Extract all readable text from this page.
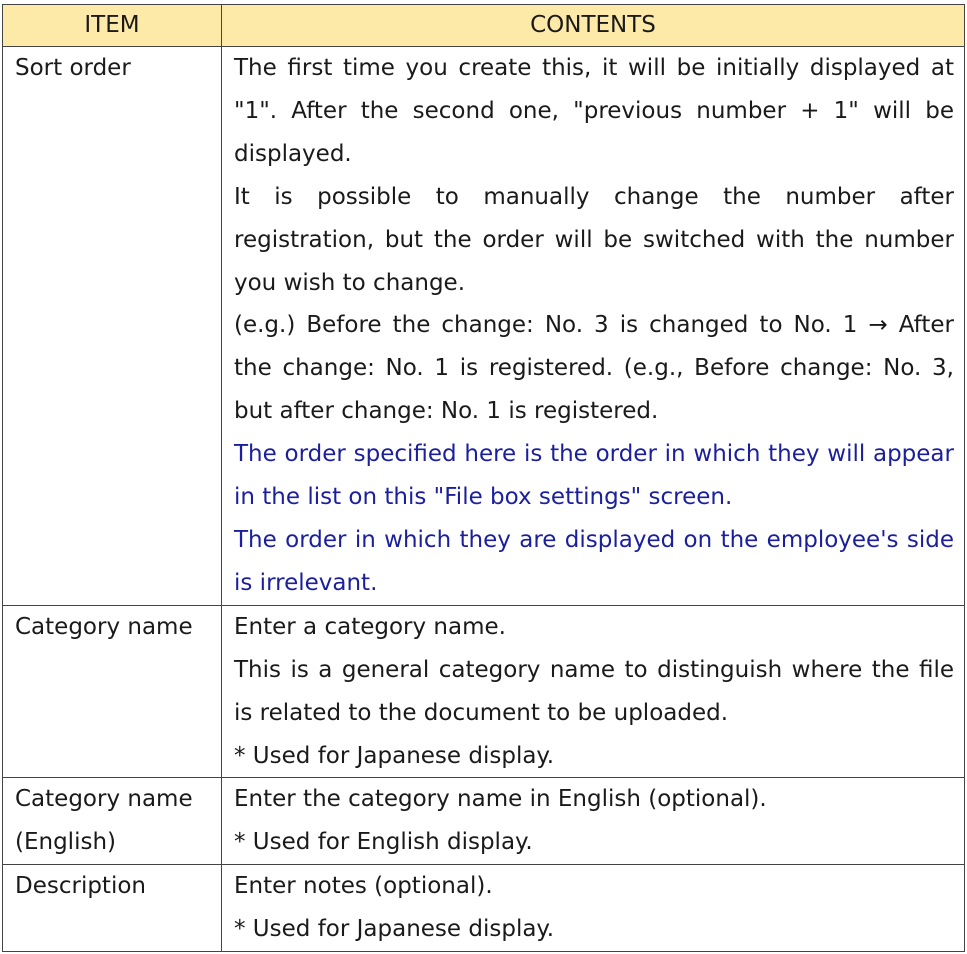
ITEM	CONTENTS
Sort order	The first time you create this, it will be initially displayed at "1". After the second one, "previous number + 1" will be displayed.

It is possible to manually change the number after registration, but the order will be switched with the number you wish to change.

(e.g.) Before the change: No. 3 is changed to No. 1 → After the change: No. 1 is registered. (e.g., Before change: No. 3, but after change: No. 1 is registered.

The order specified here is the order in which they will appear in the list on this "File box settings" screen.

The order in which they are displayed on the employee's side is irrelevant.

Category name	Enter a category name.

This is a general category name to distinguish where the file is related to the document to be uploaded.

* Used for Japanese display.

Category name (English)	Enter the category name in English (optional).

* Used for English display.

Description	Enter notes (optional).

* Used for Japanese display.
